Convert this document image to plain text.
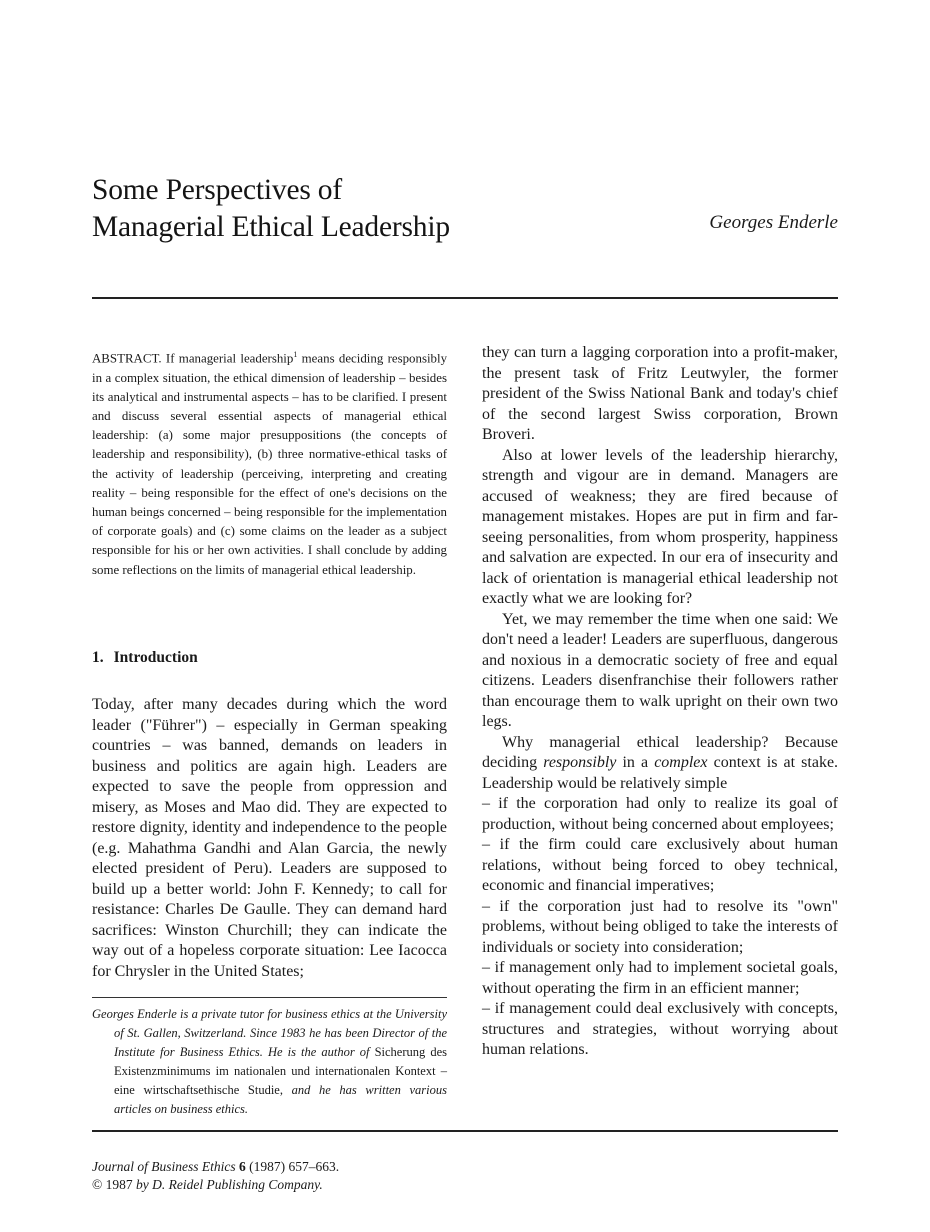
Some Perspectives of
Managerial Ethical Leadership	Georges Enderle
ABSTRACT. If managerial leadership$^1$ means deciding responsibly in a complex situation, the ethical dimension of leadership – besides its analytical and instrumental aspects – has to be clarified. I present and discuss several essential aspects of managerial ethical leadership: (a) some major presuppositions (the concepts of leadership and responsibility), (b) three normative-ethical tasks of the activity of leadership (perceiving, interpreting and creating reality – being responsible for the effect of one's decisions on the human beings concerned – being responsible for the implementation of corporate goals) and (c) some claims on the leader as a subject responsible for his or her own activities. I shall conclude by adding some reflections on the limits of managerial ethical leadership.
1. Introduction

Today, after many decades during which the word leader ("Führer") – especially in German speaking countries – was banned, demands on leaders in business and politics are again high. Leaders are expected to save the people from oppression and misery, as Moses and Mao did. They are expected to restore dignity, identity and independence to the people (e.g. Mahathma Gandhi and Alan Garcia, the newly elected president of Peru). Leaders are supposed to build up a better world: John F. Kennedy; to call for resistance: Charles De Gaulle. They can demand hard sacrifices: Winston Churchill; they can indicate the way out of a hopeless corporate situation: Lee Iacocca for Chrysler in the United States;

Georges Enderle is a private tutor for business ethics at the University of St. Gallen, Switzerland. Since 1983 he has been Director of the Institute for Business Ethics. He is the author of Sicherung des Existenzminimums im nationalen und internationalen Kontext – eine wirtschaftsethische Studie, and he has written various articles on business ethics.

they can turn a lagging corporation into a profit-maker, the present task of Fritz Leutwyler, the former president of the Swiss National Bank and today's chief of the second largest Swiss corporation, Brown Broveri.

Also at lower levels of the leadership hierarchy, strength and vigour are in demand. Managers are accused of weakness; they are fired because of management mistakes. Hopes are put in firm and far-seeing personalities, from whom prosperity, happiness and salvation are expected. In our era of insecurity and lack of orientation is managerial ethical leadership not exactly what we are looking for?

Yet, we may remember the time when one said: We don't need a leader! Leaders are superfluous, dangerous and noxious in a democratic society of free and equal citizens. Leaders disenfranchise their followers rather than encourage them to walk upright on their own two legs.

Why managerial ethical leadership? Because deciding responsibly in a complex context is at stake. Leadership would be relatively simple

– if the corporation had only to realize its goal of production, without being concerned about employees;

– if the firm could care exclusively about human relations, without being forced to obey technical, economic and financial imperatives;

– if the corporation just had to resolve its "own" problems, without being obliged to take the interests of individuals or society into consideration;

– if management only had to implement societal goals, without operating the firm in an efficient manner;

– if management could deal exclusively with concepts, structures and strategies, without worrying about human relations.

Journal of Business Ethics 6 (1987) 657–663.
© 1987 by D. Reidel Publishing Company.
